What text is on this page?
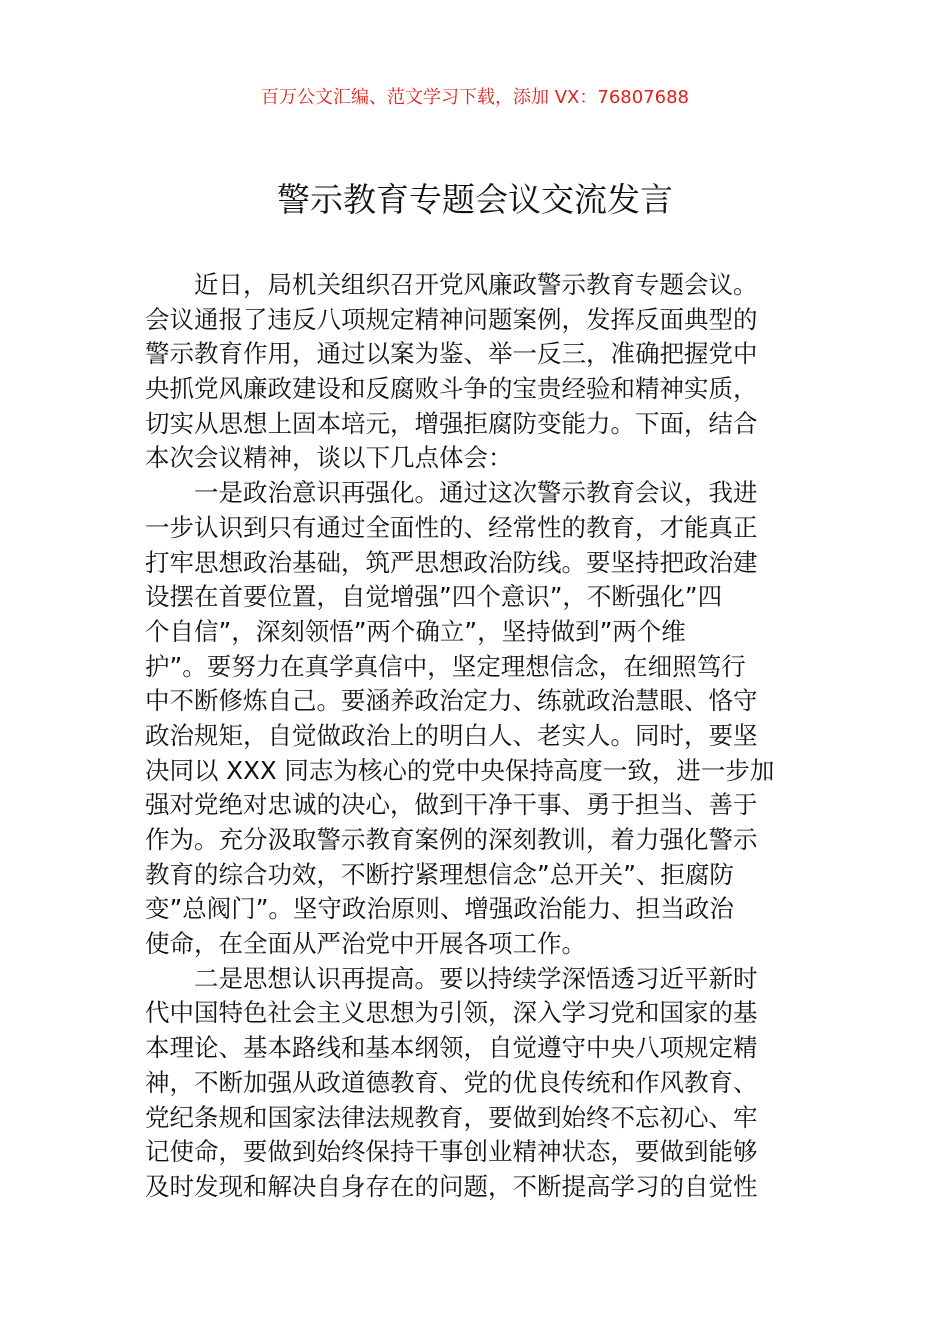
百万公文汇编、范文学习下载，添加 VX：76807688
警示教育专题会议交流发言
近日，局机关组织召开党风廉政警示教育专题会议。
会议通报了违反八项规定精神问题案例，发挥反面典型的
警示教育作用，通过以案为鉴、举一反三，准确把握党中
央抓党风廉政建设和反腐败斗争的宝贵经验和精神实质，
切实从思想上固本培元，增强拒腐防变能力。下面，结合
本次会议精神，谈以下几点体会：
一是政治意识再强化。通过这次警示教育会议，我进
一步认识到只有通过全面性的、经常性的教育，才能真正
打牢思想政治基础，筑严思想政治防线。要坚持把政治建
设摆在首要位置，自觉增强”四个意识”，不断强化”四
个自信”，深刻领悟”两个确立”，坚持做到”两个维
护”。要努力在真学真信中，坚定理想信念，在细照笃行
中不断修炼自己。要涵养政治定力、练就政治慧眼、恪守
政治规矩，自觉做政治上的明白人、老实人。同时，要坚
决同以 XXX 同志为核心的党中央保持高度一致，进一步加
强对党绝对忠诚的决心，做到干净干事、勇于担当、善于
作为。充分汲取警示教育案例的深刻教训，着力强化警示
教育的综合功效，不断拧紧理想信念”总开关”、拒腐防
变”总阀门”。坚守政治原则、增强政治能力、担当政治
使命，在全面从严治党中开展各项工作。
二是思想认识再提高。要以持续学深悟透习近平新时
代中国特色社会主义思想为引领，深入学习党和国家的基
本理论、基本路线和基本纲领，自觉遵守中央八项规定精
神，不断加强从政道德教育、党的优良传统和作风教育、
党纪条规和国家法律法规教育，要做到始终不忘初心、牢
记使命，要做到始终保持干事创业精神状态，要做到能够
及时发现和解决自身存在的问题，不断提高学习的自觉性
